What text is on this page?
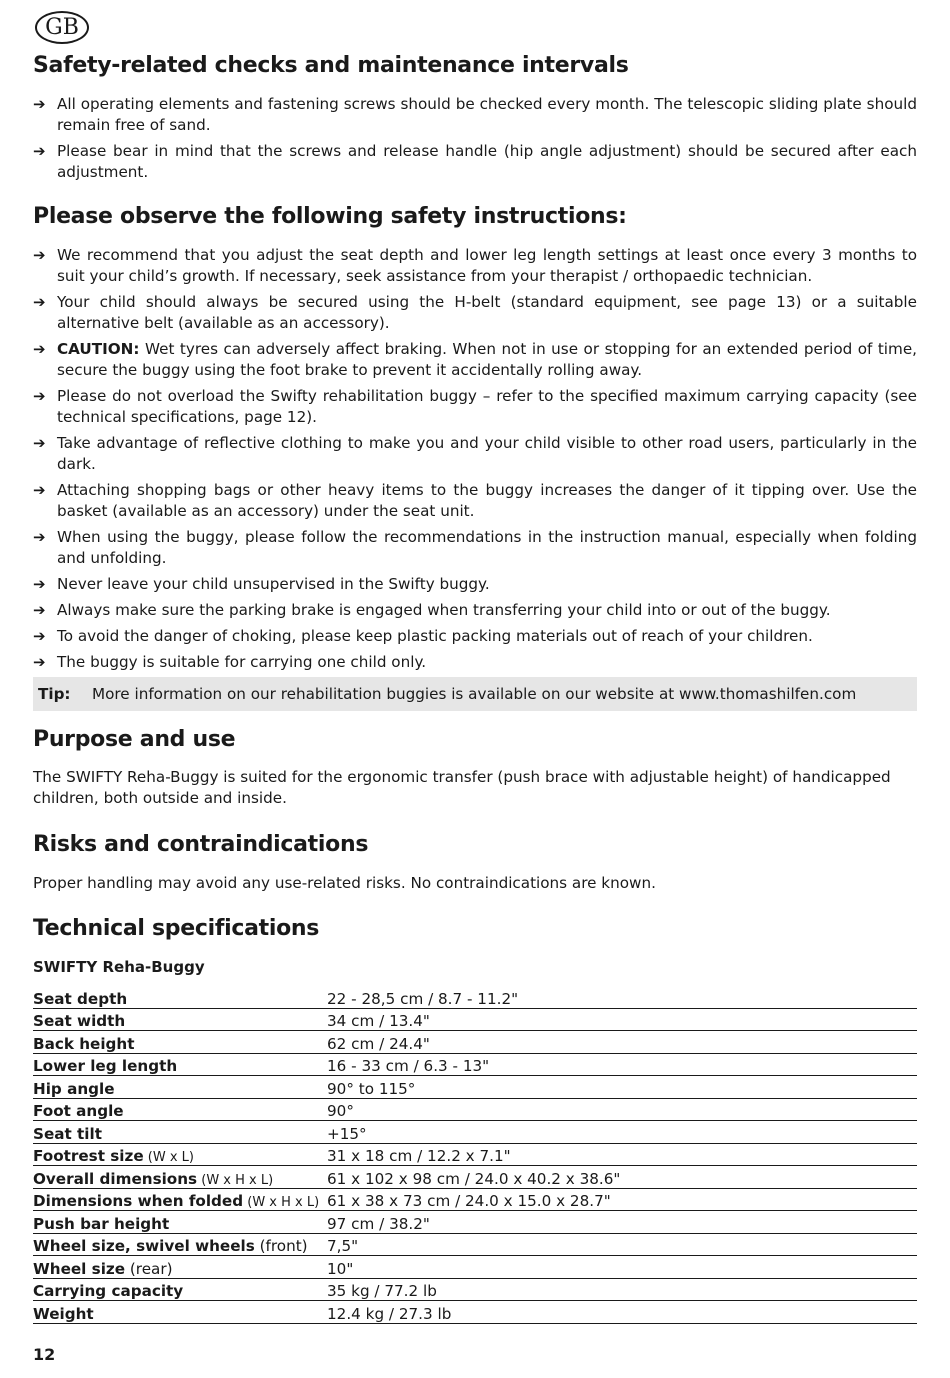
GB
Safety-related checks and maintenance intervals
➔ All operating elements and fastening screws should be checked every month. The telescopic sliding plate should remain free of sand.
➔ Please bear in mind that the screws and release handle (hip angle adjustment) should be secured after each adjustment.
Please observe the following safety instructions:
➔ We recommend that you adjust the seat depth and lower leg length settings at least once every 3 months to suit your child’s growth. If necessary, seek assistance from your therapist / orthopaedic technician.
➔ Your child should always be secured using the H-belt (standard equipment, see page 13) or a suitable alternative belt (available as an accessory).
➔ CAUTION: Wet tyres can adversely affect braking. When not in use or stopping for an extended period of time, secure the buggy using the foot brake to prevent it accidentally rolling away.
➔ Please do not overload the Swifty rehabilitation buggy – refer to the specified maximum carrying capacity (see technical specifications, page 12).
➔ Take advantage of reflective clothing to make you and your child visible to other road users, particularly in the dark.
➔ Attaching shopping bags or other heavy items to the buggy increases the danger of it tipping over. Use the basket (available as an accessory) under the seat unit.
➔ When using the buggy, please follow the recommendations in the instruction manual, especially when folding and unfolding.
➔ Never leave your child unsupervised in the Swifty buggy.
➔ Always make sure the parking brake is engaged when transferring your child into or out of the buggy.
➔ To avoid the danger of choking, please keep plastic packing materials out of reach of your children.
➔ The buggy is suitable for carrying one child only.
Tip: More information on our rehabilitation buggies is available on our website at www.thomashilfen.com
Purpose and use

The SWIFTY Reha-Buggy is suited for the ergonomic transfer (push brace with adjustable height) of handicapped children, both outside and inside.

Risks and contraindications

Proper handling may avoid any use-related risks. No contraindications are known.

Technical specifications

SWIFTY Reha-Buggy

Seat depth	22 - 28,5 cm / 8.7 - 11.2"
Seat width	34 cm / 13.4"
Back height	62 cm / 24.4"
Lower leg length	16 - 33 cm / 6.3 - 13"
Hip angle	90° to 115°
Foot angle	90°
Seat tilt	+15°
Footrest size (W x L)	31 x 18 cm / 12.2 x 7.1"
Overall dimensions (W x H x L)	61 x 102 x 98 cm / 24.0 x 40.2 x 38.6"
Dimensions when folded (W x H x L)	61 x 38 x 73 cm / 24.0 x 15.0 x 28.7"
Push bar height	97 cm / 38.2"
Wheel size, swivel wheels (front)	7,5"
Wheel size (rear)	10"
Carrying capacity	35 kg / 77.2 lb
Weight	12.4 kg / 27.3 lb
12
